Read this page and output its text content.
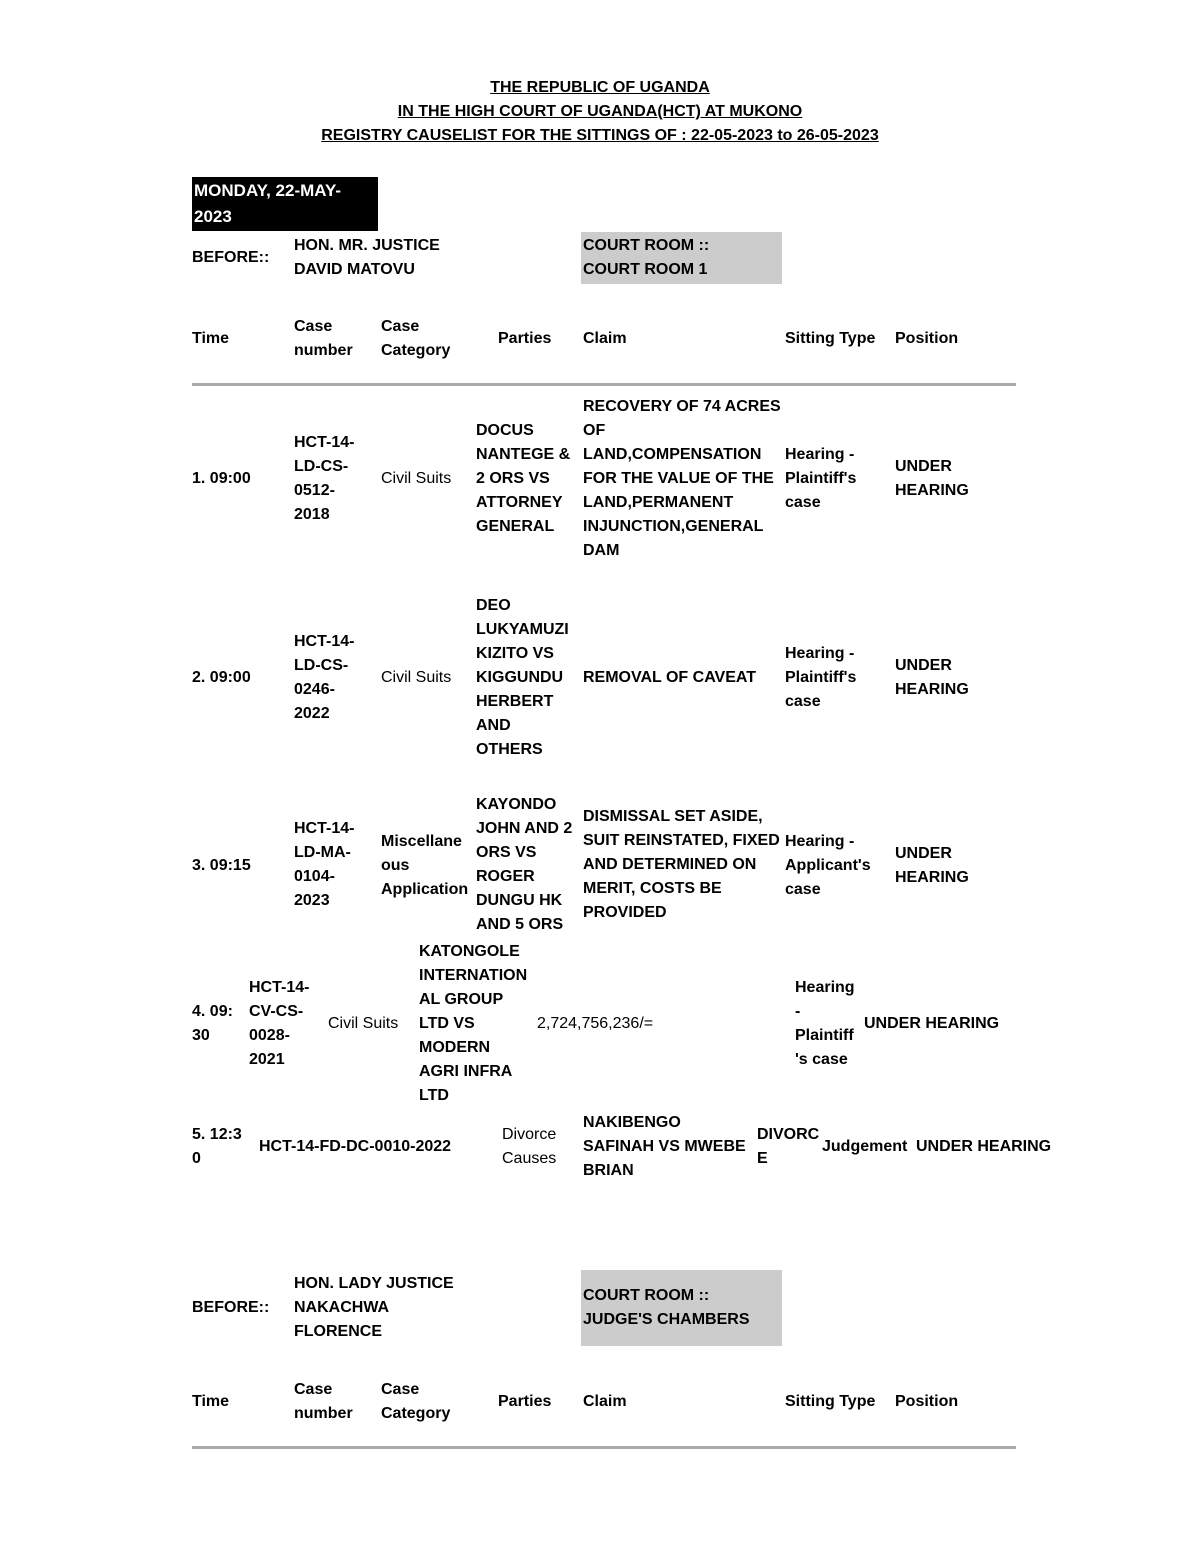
THE REPUBLIC OF UGANDA
IN THE HIGH COURT OF UGANDA(HCT) AT MUKONO
REGISTRY CAUSELIST FOR THE SITTINGS OF : 22-05-2023 to 26-05-2023
MONDAY, 22-MAY-
2023
BEFORE::
HON. MR. JUSTICE
DAVID MATOVU
COURT ROOM ::
COURT ROOM 1
Time
Case
number
Case
Category
Parties Claim	Sitting Type Position
1. 09:00
HCT-14-
LD-CS-
0512-
2018
Civil Suits
DOCUS
NANTEGE &
2 ORS VS
ATTORNEY
GENERAL
RECOVERY OF 74 ACRES
OF
LAND,COMPENSATION
FOR THE VALUE OF THE
LAND,PERMANENT
INJUNCTION,GENERAL
DAM
Hearing -
Plaintiff's
case
UNDER
HEARING
2. 09:00
HCT-14-
LD-CS-
0246-
2022
Civil Suits
DEO
LUKYAMUZI
KIZITO VS
KIGGUNDU
HERBERT
AND
OTHERS
REMOVAL OF CAVEAT
Hearing -
Plaintiff's
case
UNDER
HEARING
3. 09:15
HCT-14-
LD-MA-
0104-
2023
Miscellane
ous
Application
KAYONDO
JOHN AND 2
ORS VS
ROGER
DUNGU HK
AND 5 ORS
DISMISSAL SET ASIDE,
SUIT REINSTATED, FIXED
AND DETERMINED ON
MERIT, COSTS BE
PROVIDED
Hearing -
Applicant's
case
UNDER
HEARING
4. 09:
30
HCT-14-
CV-CS-
0028-
2021
Civil Suits
KATONGOLE
INTERNATION
AL GROUP
LTD VS
MODERN
AGRI INFRA
LTD
2,724,756,236/=
Hearing
-
Plaintiff
's case
UNDER HEARING
5. 12:3
0
HCT-14-FD-DC-0010-2022
Divorce
Causes
NAKIBENGO
SAFINAH VS MWEBE
BRIAN
DIVORC
E
Judgement UNDER HEARING
BEFORE::
HON. LADY JUSTICE
NAKACHWA
FLORENCE
COURT ROOM ::
JUDGE'S CHAMBERS
Time
Case
number
Case
Category
Parties Claim	Sitting Type Position
